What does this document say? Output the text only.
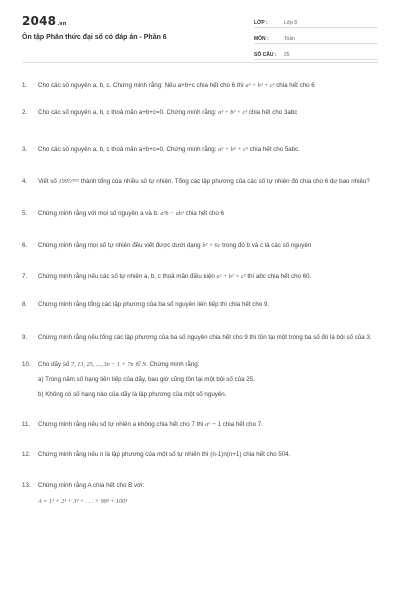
2048.vn
Ôn tập Phân thức đại số có đáp án - Phần 6
LỚP :	Lớp 8
MÔN :	Toán
SỐ CÂU :	25
1.	Cho các số nguyên a, b, c. Chứng minh rằng: Nếu a+b+c chia hết cho 6 thì a³ + b³ + c³ chia hết cho 6
2.	Cho các số nguyên a, b, c thoả mãn a+b+c=0. Chứng minh rằng: a³ + b³ + c³ chia hết cho 3abc
3.	Cho các số nguyên a, b, c thoả mãn a+b+c=0. Chứng minh rằng: a⁵ + b⁵ + c⁵ chia hết cho 5abc.
4.	Viết số 1995¹⁹⁹⁵ thành tổng của nhiều số tự nhiên. Tổng các lập phương của các số tự nhiên đó chia cho 6 dư bao nhiêu?
5.	Chứng minh rằng với mọi số nguyên a và b: a³b − ab³ chia hết cho 6
6.	Chứng minh rằng mọi số tự nhiên đều viết được dưới dạng b² + 6c trong đó b và c là các số nguyên
7.	Chứng minh rằng nếu các số tự nhiên a, b, c thoả mãn điều kiện a² + b² = c² thì abc chia hết cho 60.
8.	Chứng minh rằng tổng các lập phương của ba số nguyên liên tiếp thì chia hết cho 9.
9.	Chứng minh rằng nếu tổng các lập phương của ba số nguyên chia hết cho 9 thì tồn tại một trong ba số đó là bội số của 3.
10.	Cho dãy số 7, 13, 25, ..., 3n − 1 + 7n ∈ N. Chứng minh rằng:
a) Trong năm số hạng liên tiếp của dãy, bao giờ cũng tồn tại một bội số của 25.
b) Không có số hạng nào của dãy là lập phương của một số nguyên.
11.	Chứng minh rằng nếu số tự nhiên a không chia hết cho 7 thì a⁶ − 1 chia hết cho 7.
12.	Chứng minh rằng nếu n là lập phương của một số tự nhiên thì (n-1)n(n+1) chia hết cho 504.
13.	Chứng minh rằng A chia hết cho B với:
A = 1³ + 2³ + 3³ + . . . + 99³ + 100³
